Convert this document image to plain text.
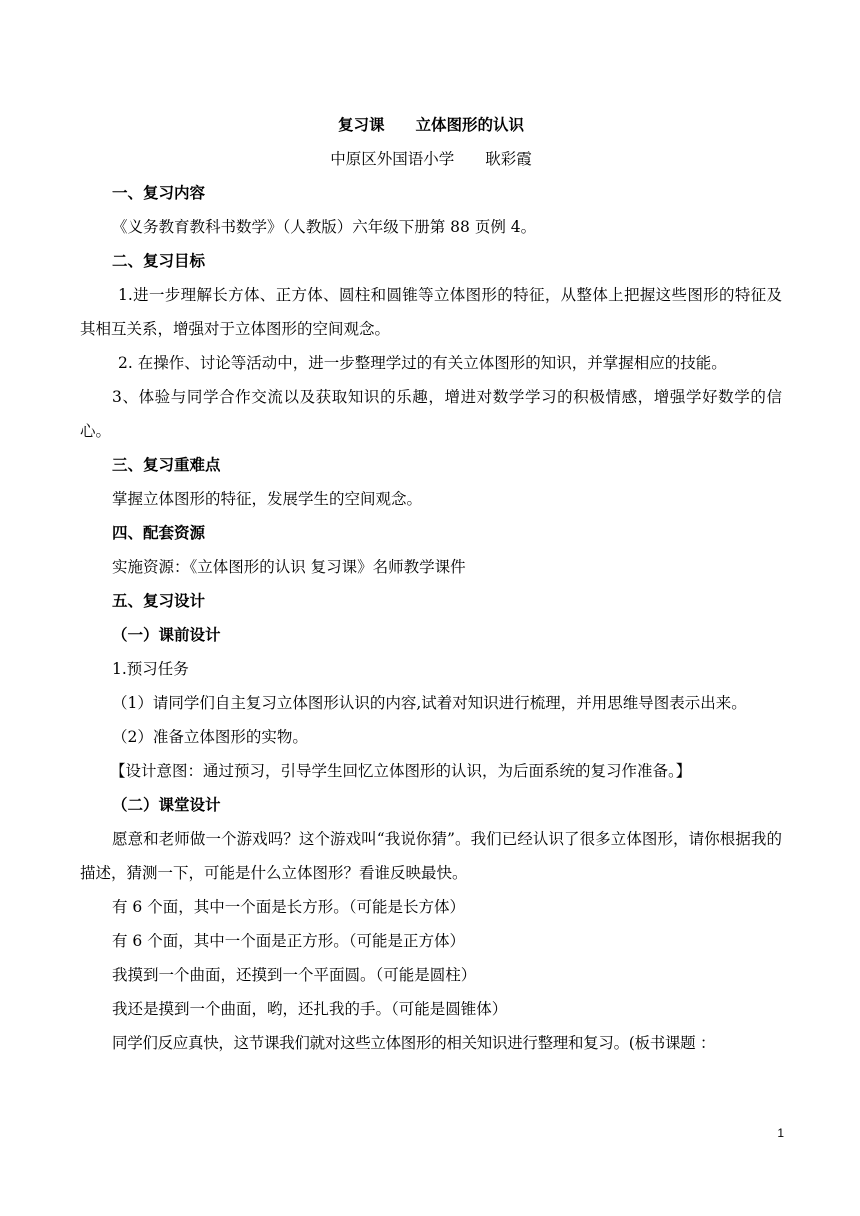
复习课　　立体图形的认识
中原区外国语小学　　耿彩霞
一、复习内容
《义务教育教科书数学》（人教版）六年级下册第 88 页例 4。
二、复习目标
1.进一步理解长方体、正方体、圆柱和圆锥等立体图形的特征，从整体上把握这些图形的特征及其相互关系，增强对于立体图形的空间观念。
2. 在操作、讨论等活动中，进一步整理学过的有关立体图形的知识，并掌握相应的技能。
3、体验与同学合作交流以及获取知识的乐趣，增进对数学学习的积极情感，增强学好数学的信心。
三、复习重难点
掌握立体图形的特征，发展学生的空间观念。
四、配套资源
实施资源：《立体图形的认识 复习课》名师教学课件
五、复习设计
（一）课前设计
1.预习任务
（1）请同学们自主复习立体图形认识的内容,试着对知识进行梳理，并用思维导图表示出来。
（2）准备立体图形的实物。
【设计意图：通过预习，引导学生回忆立体图形的认识，为后面系统的复习作准备。】
（二）课堂设计
愿意和老师做一个游戏吗？这个游戏叫“我说你猜”。我们已经认识了很多立体图形，请你根据我的描述，猜测一下，可能是什么立体图形？看谁反映最快。
有 6 个面，其中一个面是长方形。（可能是长方体）
有 6 个面，其中一个面是正方形。（可能是正方体）
我摸到一个曲面，还摸到一个平面圆。（可能是圆柱）
我还是摸到一个曲面，哟，还扎我的手。（可能是圆锥体）
同学们反应真快，这节课我们就对这些立体图形的相关知识进行整理和复习。(板书课题 ：
1
